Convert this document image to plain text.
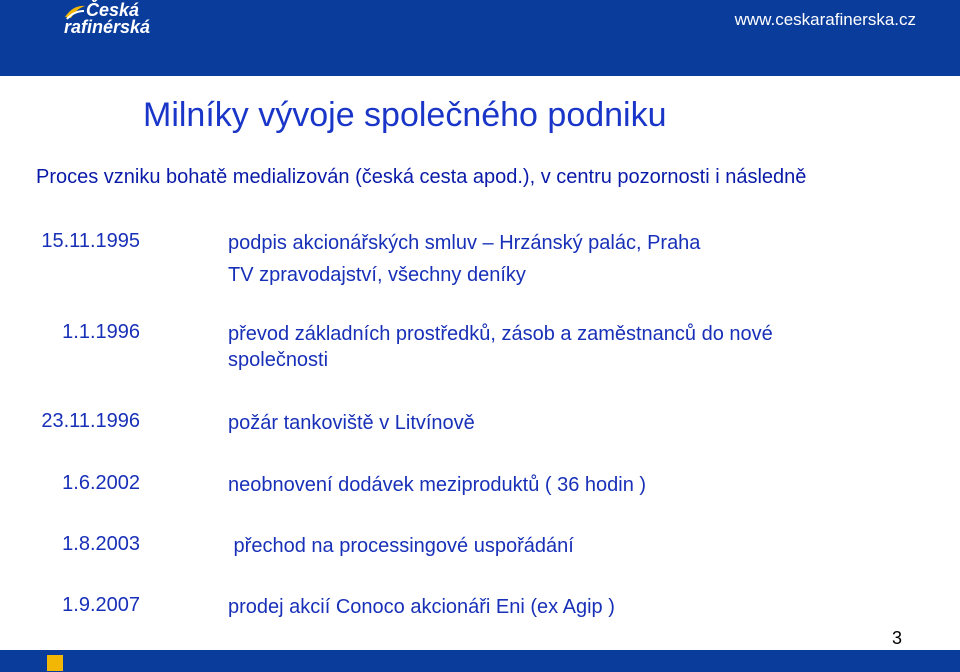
Česká
rafinérská	www.ceskarafinerska.cz
Milníky vývoje společného podniku
Proces vzniku bohatě medializován (česká cesta apod.), v centru pozornosti i následně
15.11.1995	podpis akcionářských smluv – Hrzánský palác, Praha
TV zpravodajství, všechny deníky
1.1.1996	převod základních prostředků, zásob a zaměstnanců do nové společnosti
23.11.1996	požár tankoviště v Litvínově
1.6.2002	neobnovení dodávek meziproduktů ( 36 hodin )
1.8.2003	přechod na processingové uspořádání
1.9.2007	prodej akcií Conoco akcionáři Eni (ex Agip )
3
